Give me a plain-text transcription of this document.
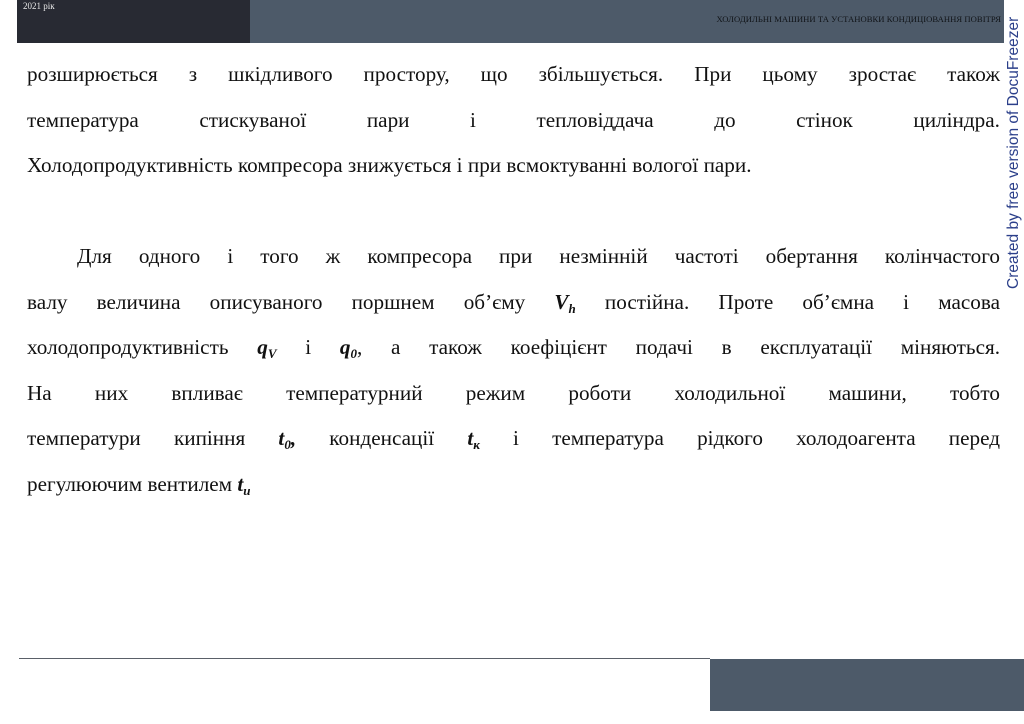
2021 рік
ХОЛОДИЛЬНІ МАШИНИ ТА УСТАНОВКИ КОНДИЦІОВАННЯ ПОВІТРЯ Created by free version of DocuFreezer
розширюється з шкідливого простору, що збільшується. При цьому зростає також
температура	стискуваної	пари	і	тепловіддача	до	стінок	циліндра.
Холодопродуктивність компресора знижується і при всмоктуванні вологої пари.
Для одного і того ж компресора при незмінній частоті обертання колінчастого
валу величина описуваного поршнем об’єму $V_h$ постійна. Проте об’ємна і масова
холодопродуктивність $q_V$ і $q_0$, а також коефіцієнт подачі в експлуатації міняються.
На них впливає температурний режим роботи холодильної машини, тобто
температури кипіння $t_0$, конденсації $t_к$ і температура рідкого холодоагента перед
регулюючим вентилем $t_и$
